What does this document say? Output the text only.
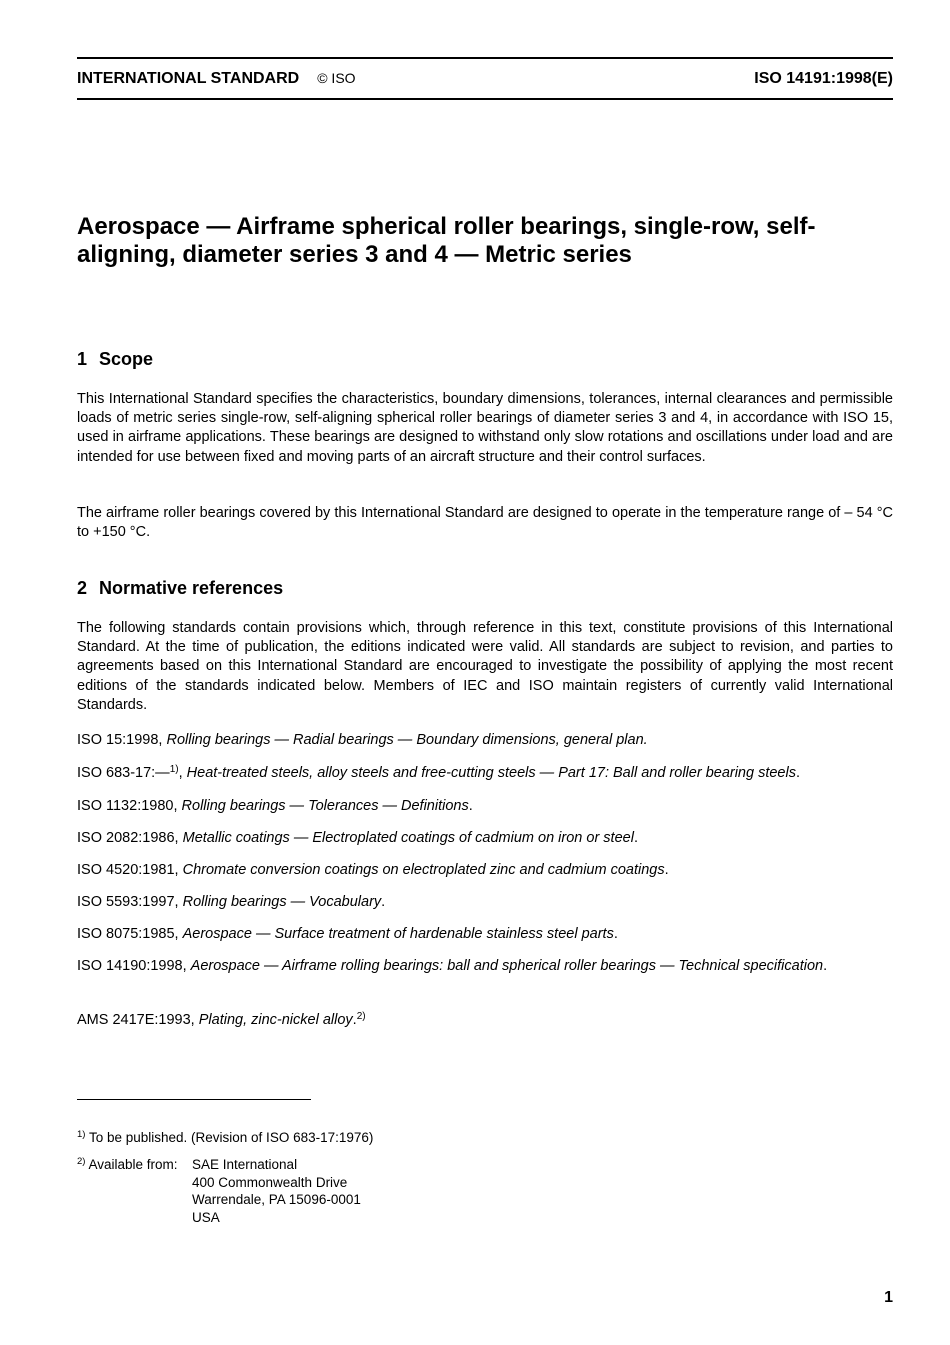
INTERNATIONAL STANDARD © ISO	ISO 14191:1998(E)
Aerospace — Airframe spherical roller bearings, single-row, self-aligning, diameter series 3 and 4 — Metric series
1 Scope

This International Standard specifies the characteristics, boundary dimensions, tolerances, internal clearances and permissible loads of metric series single-row, self-aligning spherical roller bearings of diameter series 3 and 4, in accordance with ISO 15, used in airframe applications. These bearings are designed to withstand only slow rotations and oscillations under load and are intended for use between fixed and moving parts of an aircraft structure and their control surfaces.

The airframe roller bearings covered by this International Standard are designed to operate in the temperature range of – 54 °C to +150 °C.

2 Normative references

The following standards contain provisions which, through reference in this text, constitute provisions of this International Standard. At the time of publication, the editions indicated were valid. All standards are subject to revision, and parties to agreements based on this International Standard are encouraged to investigate the possibility of applying the most recent editions of the standards indicated below. Members of IEC and ISO maintain registers of currently valid International Standards.

ISO 15:1998, Rolling bearings — Radial bearings — Boundary dimensions, general plan.

ISO 683-17:—$^{1)}$, Heat-treated steels, alloy steels and free-cutting steels — Part 17: Ball and roller bearing steels.

ISO 1132:1980, Rolling bearings — Tolerances — Definitions.

ISO 2082:1986, Metallic coatings — Electroplated coatings of cadmium on iron or steel.

ISO 4520:1981, Chromate conversion coatings on electroplated zinc and cadmium coatings.

ISO 5593:1997, Rolling bearings — Vocabulary.

ISO 8075:1985, Aerospace — Surface treatment of hardenable stainless steel parts.

ISO 14190:1998, Aerospace — Airframe rolling bearings: ball and spherical roller bearings — Technical specification.

AMS 2417E:1993, Plating, zinc-nickel alloy.$^{2)}$

$^{1)}$ To be published. (Revision of ISO 683-17:1976)

$^{2)}$ Available from: SAE International
400 Commonwealth Drive
Warrendale, PA 15096-0001
USA
1
